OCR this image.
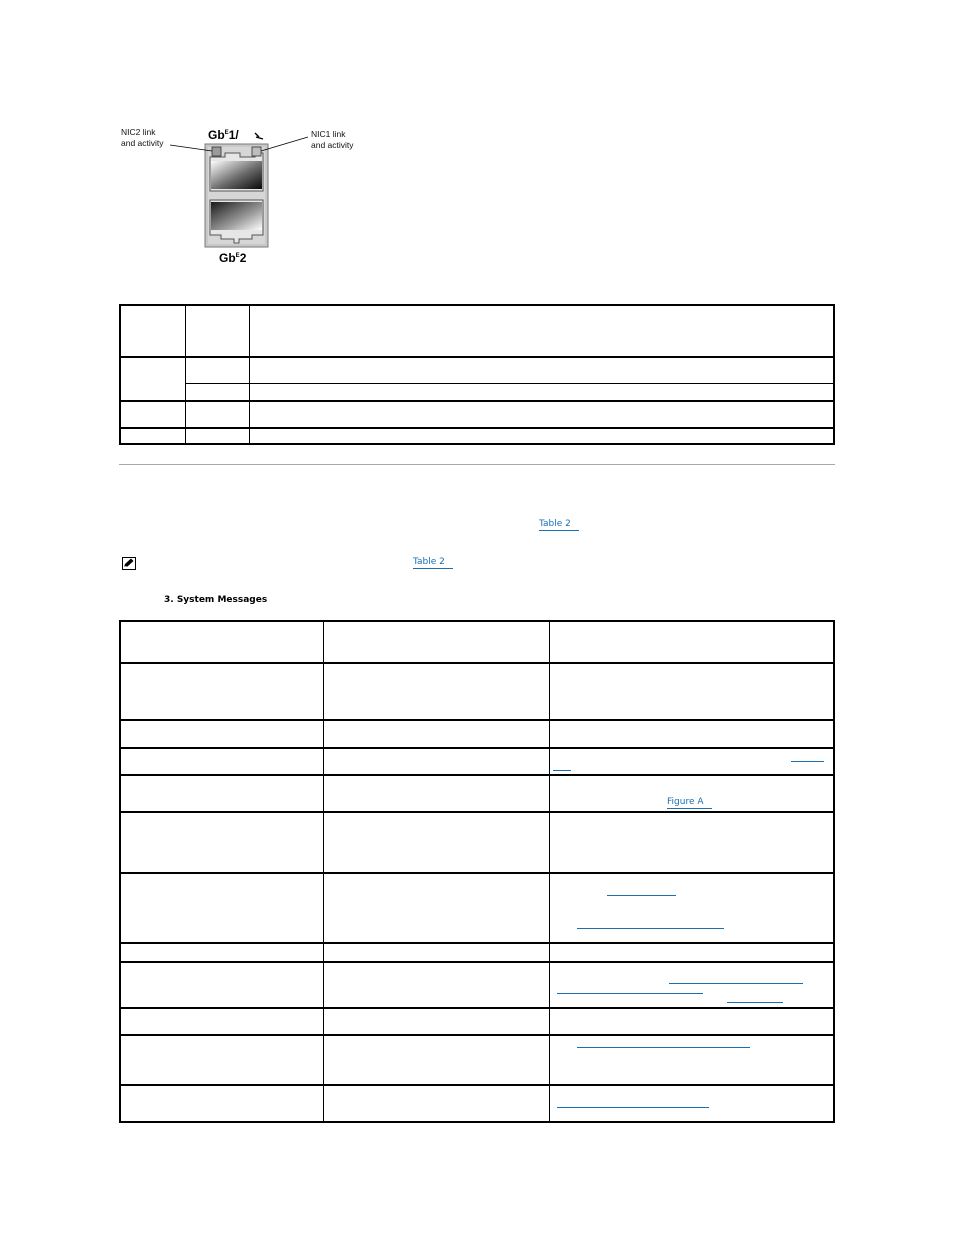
NIC2 link
and activity
NIC1 link
and activity
$Gb^E1/$
$Gb^E2$
Table 2
Table 2
3. System Messages
Figure A
